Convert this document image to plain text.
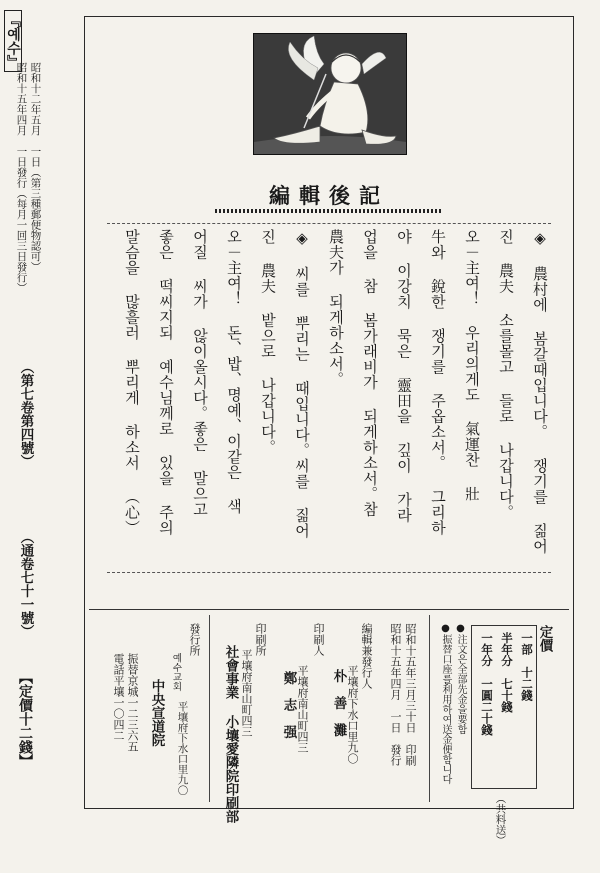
『예수』
昭和十二年五月　一日（第三種郵便物認可）
昭和十五年四月　一日發行（每月一回三日發行）
（第七卷第四號）
（通卷七十一號）
【定價十二錢】
編輯後記
◈ 農村에 봄갈때입니다。 쟁기를 짊어
진 農夫 소를몰고 들로 나갑니다。
오－主여！ 우리의게도 氣運찬 壯
牛와 銳한 쟁기를 주옵소서。 그리하
야 이강치 묵은 靈田을 깊이 가라
업을 참 봄가래비가 되게하소서。참
農夫가 되게하소서。
◈ 씨를 뿌리는 때입니다。씨를 짊어
진 農夫 밭으로 나갑니다。
오－主여！ 돈、밥、명예、이같은 색
어질 씨가 않이올시다。좋은 말으고
좋은 떡씨지되 예수님께로 있을 주의
말슴을 많흘러 뿌리게 하소서 （心）
定價
一部　十二錢
半年分　七十錢
一年分　一圓二十錢
（共料送）
●注文은全部先金을要함
●振替口座를利用하여送金便함니다
昭和十五年三月三十日　印刷
昭和十五年四月　一日　發行
編輯兼發行人
平壤府下水口里九〇
朴　善　灘
印刷人
平壤府南山町四三
鄭　志　强
印刷所
平壤府南山町四三
社會事業 小壤愛隣院印刷部
發行所
예수교회
中央宣道院
振替京城一二三六五
電話平壤一〇四二
平壤府下水口里九〇
